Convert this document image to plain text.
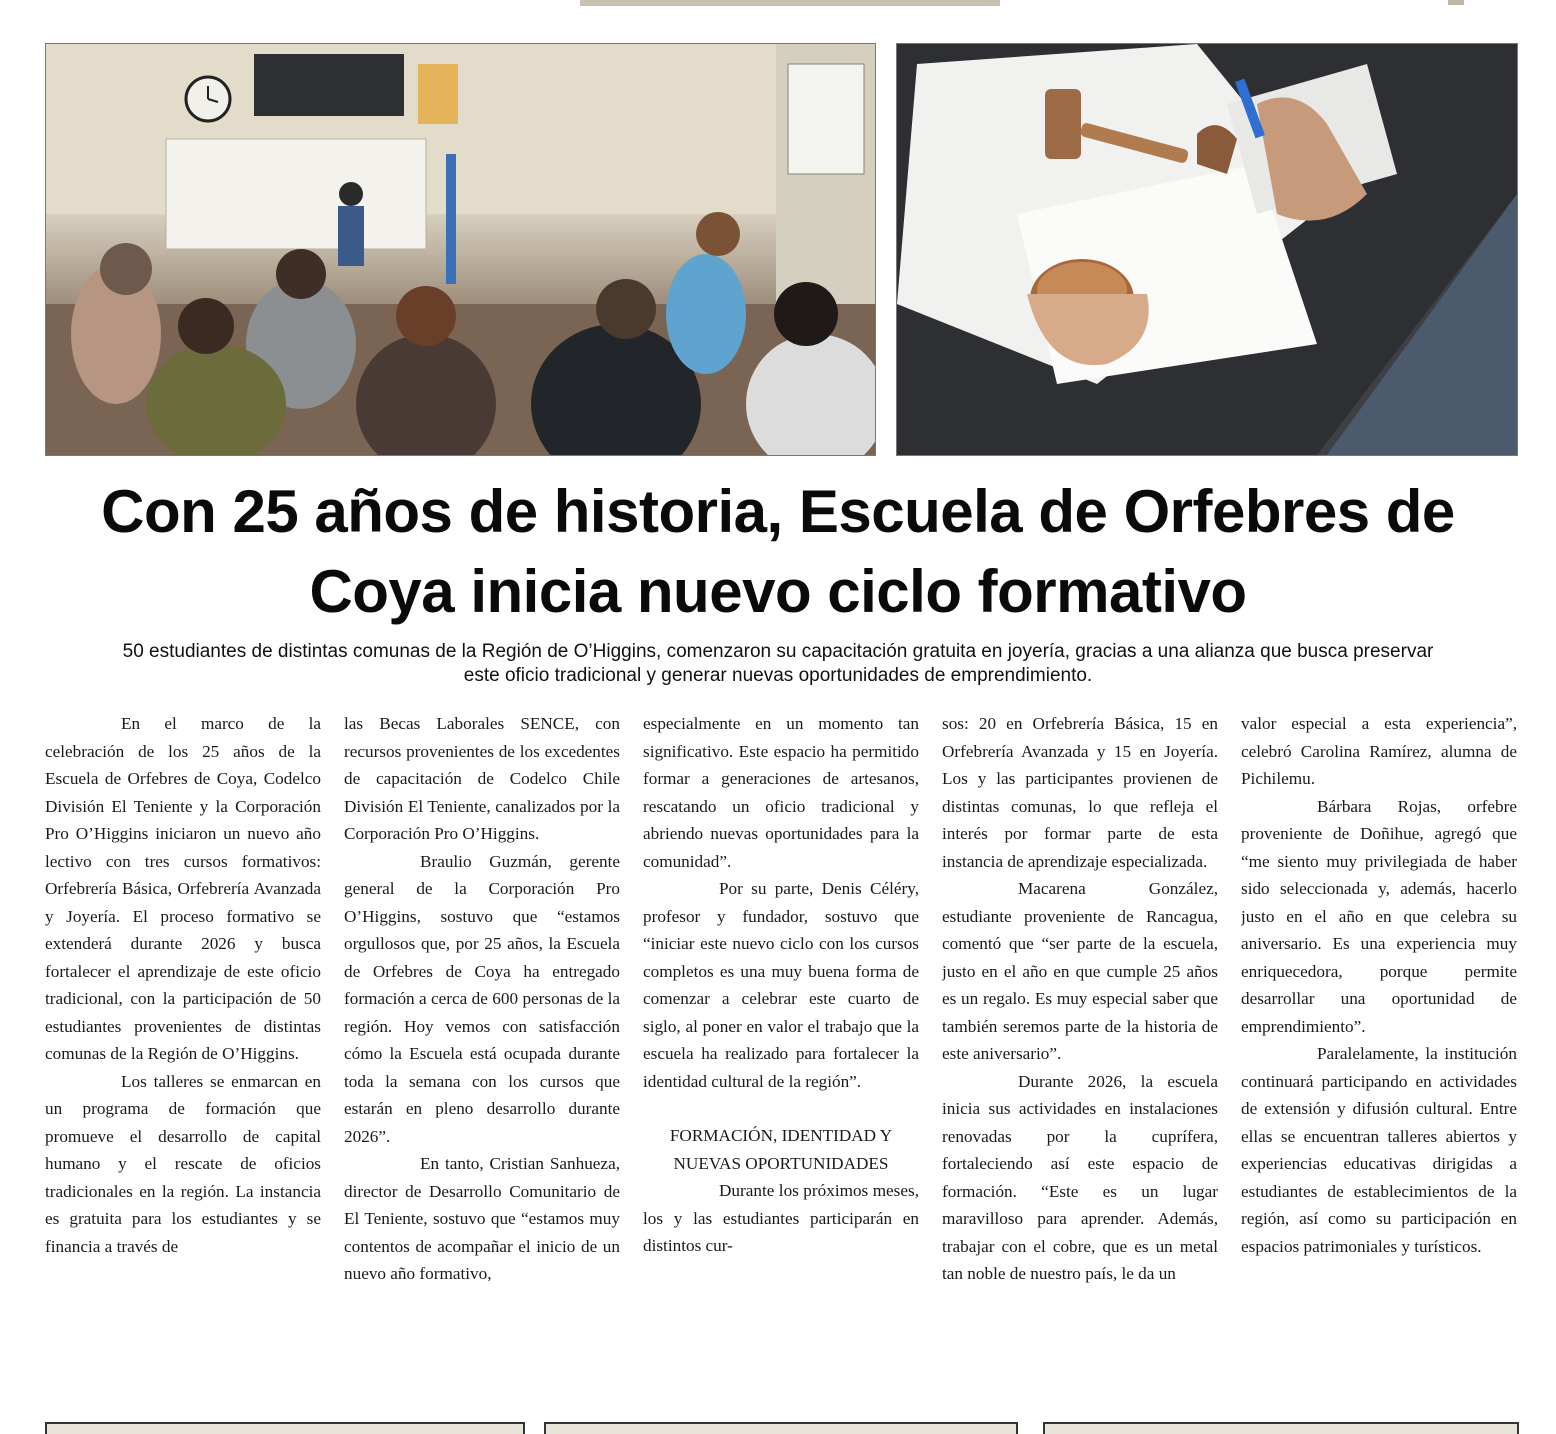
Con 25 años de historia, Escuela de Orfebres de Coya inicia nuevo ciclo formativo

50 estudiantes de distintas comunas de la Región de O’Higgins, comenzaron su capacitación gratuita en joyería, gracias a una alianza que busca preservar este oficio tradicional y generar nuevas oportunidades de emprendimiento.

En el marco de la celebración de los 25 años de la Escuela de Orfebres de Coya, Codelco División El Teniente y la Corporación Pro O’Higgins iniciaron un nuevo año lectivo con tres cursos formativos: Orfebrería Básica, Orfebrería Avanzada y Joyería. El proceso formativo se extenderá durante 2026 y busca fortalecer el aprendizaje de este oficio tradicional, con la participación de 50 estudiantes provenientes de distintas comunas de la Región de O’Higgins.

Los talleres se enmarcan en un programa de formación que promueve el desarrollo de capital humano y el rescate de oficios tradicionales en la región. La instancia es gratuita para los estudiantes y se financia a través de

las Becas Laborales SENCE, con recursos provenientes de los excedentes de capacitación de Codelco Chile División El Teniente, canalizados por la Corporación Pro O’Higgins.

Braulio Guzmán, gerente general de la Corporación Pro O’Higgins, sostuvo que “estamos orgullosos que, por 25 años, la Escuela de Orfebres de Coya ha entregado formación a cerca de 600 personas de la región. Hoy vemos con satisfacción cómo la Escuela está ocupada durante toda la semana con los cursos que estarán en pleno desarrollo durante 2026”.

En tanto, Cristian Sanhueza, director de Desarrollo Comunitario de El Teniente, sostuvo que “estamos muy contentos de acompañar el inicio de un nuevo año formativo,

especialmente en un momento tan significativo. Este espacio ha permitido formar a generaciones de artesanos, rescatando un oficio tradicional y abriendo nuevas oportunidades para la comunidad”.

Por su parte, Denis Céléry, profesor y fundador, sostuvo que “iniciar este nuevo ciclo con los cursos completos es una muy buena forma de comenzar a celebrar este cuarto de siglo, al poner en valor el trabajo que la escuela ha realizado para fortalecer la identidad cultural de la región”.

FORMACIÓN, IDENTIDAD Y NUEVAS OPORTUNIDADES

Durante los próximos meses, los y las estudiantes participarán en distintos cur-

sos: 20 en Orfebrería Básica, 15 en Orfebrería Avanzada y 15 en Joyería. Los y las participantes provienen de distintas comunas, lo que refleja el interés por formar parte de esta instancia de aprendizaje especializada.

Macarena González, estudiante proveniente de Rancagua, comentó que “ser parte de la escuela, justo en el año en que cumple 25 años es un regalo. Es muy especial saber que también seremos parte de la historia de este aniversario”.

Durante 2026, la escuela inicia sus actividades en instalaciones renovadas por la cuprífera, fortaleciendo así este espacio de formación. “Este es un lugar maravilloso para aprender. Además, trabajar con el cobre, que es un metal tan noble de nuestro país, le da un

valor especial a esta experiencia”, celebró Carolina Ramírez, alumna de Pichilemu.

Bárbara Rojas, orfebre proveniente de Doñihue, agregó que “me siento muy privilegiada de haber sido seleccionada y, además, hacerlo justo en el año en que celebra su aniversario. Es una experiencia muy enriquecedora, porque permite desarrollar una oportunidad de emprendimiento”.

Paralelamente, la institución continuará participando en actividades de extensión y difusión cultural. Entre ellas se encuentran talleres abiertos y experiencias educativas dirigidas a estudiantes de establecimientos de la región, así como su participación en espacios patrimoniales y turísticos.
